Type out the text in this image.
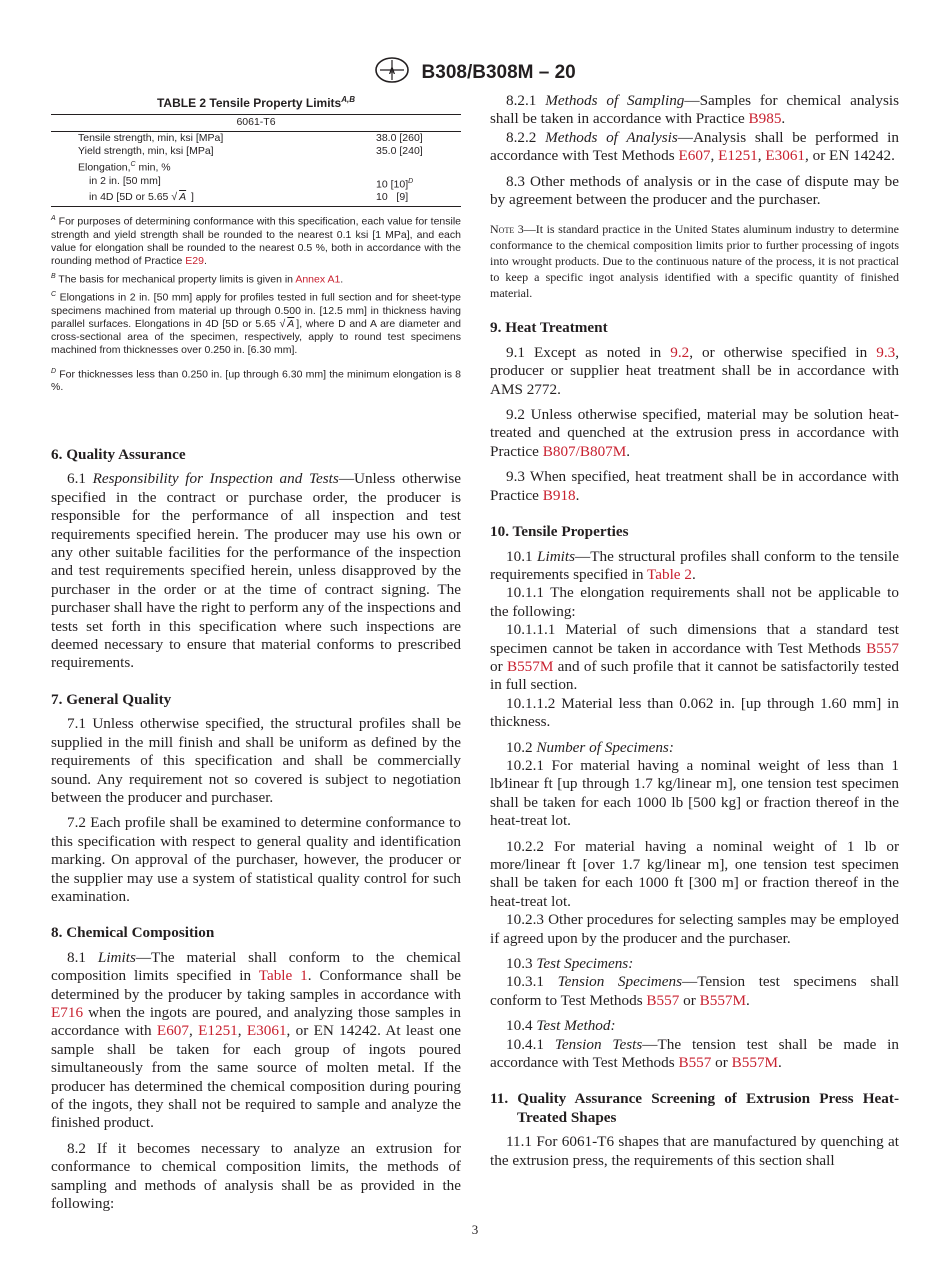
A B308/B308M – 20
TABLE 2 Tensile Property Limits$^{A,B}$
6061-T6	
Tensile strength, min, ksi [MPa]	38.0 [260]
Yield strength, min, ksi [MPa]	35.0 [240]
Elongation,$^C$ min, %	
in 2 in. [50 mm]	10 $[10]^D$
in 4D [5D or 5.65 √ A ]	10   [9]
$^A$ For purposes of determining conformance with this specification, each value for tensile strength and yield strength shall be rounded to the nearest 0.1 ksi [1 MPa], and each value for elongation shall be rounded to the nearest 0.5 %, both in accordance with the rounding method of Practice E29.
$^B$ The basis for mechanical property limits is given in Annex A1.
$^C$ Elongations in 2 in. [50 mm] apply for profiles tested in full section and for sheet-type specimens machined from material up through 0.500 in. [12.5 mm] in thickness having parallel surfaces. Elongations in 4D [5D or 5.65 √ A ], where D and A are diameter and cross-sectional area of the specimen, respectively, apply to round test specimens machined from thicknesses over 0.250 in. [6.30 mm].
$^D$ For thicknesses less than 0.250 in. [up through 6.30 mm] the minimum elongation is 8 %.

6. Quality Assurance

6.1 Responsibility for Inspection and Tests—Unless otherwise specified in the contract or purchase order, the producer is responsible for the performance of all inspection and test requirements specified herein. The producer may use his own or any other suitable facilities for the performance of the inspection and test requirements specified herein, unless disapproved by the purchaser in the order or at the time of contract signing. The purchaser shall have the right to perform any of the inspections and tests set forth in this specification where such inspections are deemed necessary to ensure that material conforms to prescribed requirements.

7. General Quality

7.1 Unless otherwise specified, the structural profiles shall be supplied in the mill finish and shall be uniform as defined by the requirements of this specification and shall be commercially sound. Any requirement not so covered is subject to negotiation between the producer and purchaser.

7.2 Each profile shall be examined to determine conformance to this specification with respect to general quality and identification marking. On approval of the purchaser, however, the producer or the supplier may use a system of statistical quality control for such examination.

8. Chemical Composition

8.1 Limits—The material shall conform to the chemical composition limits specified in Table 1. Conformance shall be determined by the producer by taking samples in accordance with E716 when the ingots are poured, and analyzing those samples in accordance with E607, E1251, E3061, or EN 14242. At least one sample shall be taken for each group of ingots poured simultaneously from the same source of molten metal. If the producer has determined the chemical composition during pouring of the ingots, they shall not be required to sample and analyze the finished product.

8.2 If it becomes necessary to analyze an extrusion for conformance to chemical composition limits, the methods of sampling and methods of analysis shall be as provided in the following:

8.2.1 Methods of Sampling—Samples for chemical analysis shall be taken in accordance with Practice B985.

8.2.2 Methods of Analysis—Analysis shall be performed in accordance with Test Methods E607, E1251, E3061, or EN 14242.

8.3 Other methods of analysis or in the case of dispute may be by agreement between the producer and the purchaser.

Note 3—It is standard practice in the United States aluminum industry to determine conformance to the chemical composition limits prior to further processing of ingots into wrought products. Due to the continuous nature of the process, it is not practical to keep a specific ingot analysis identified with a specific quantity of finished material.

9. Heat Treatment

9.1 Except as noted in 9.2, or otherwise specified in 9.3, producer or supplier heat treatment shall be in accordance with AMS 2772.

9.2 Unless otherwise specified, material may be solution heat-treated and quenched at the extrusion press in accordance with Practice B807/B807M.

9.3 When specified, heat treatment shall be in accordance with Practice B918.

10. Tensile Properties

10.1 Limits—The structural profiles shall conform to the tensile requirements specified in Table 2.

10.1.1 The elongation requirements shall not be applicable to the following:

10.1.1.1 Material of such dimensions that a standard test specimen cannot be taken in accordance with Test Methods B557 or B557M and of such profile that it cannot be satisfactorily tested in full section.

10.1.1.2 Material less than 0.062 in. [up through 1.60 mm] in thickness.

10.2 Number of Specimens:

10.2.1 For material having a nominal weight of less than 1 lb⁄linear ft [up through 1.7 kg/linear m], one tension test specimen shall be taken for each 1000 lb [500 kg] or fraction thereof in the heat-treat lot.

10.2.2 For material having a nominal weight of 1 lb or more/linear ft [over 1.7 kg/linear m], one tension test specimen shall be taken for each 1000 ft [300 m] or fraction thereof in the heat-treat lot.

10.2.3 Other procedures for selecting samples may be employed if agreed upon by the producer and the purchaser.

10.3 Test Specimens:

10.3.1 Tension Specimens—Tension test specimens shall conform to Test Methods B557 or B557M.

10.4 Test Method:

10.4.1 Tension Tests—The tension test shall be made in accordance with Test Methods B557 or B557M.

11. Quality Assurance Screening of Extrusion Press Heat-Treated Shapes

11.1 For 6061-T6 shapes that are manufactured by quenching at the extrusion press, the requirements of this section shall

3
